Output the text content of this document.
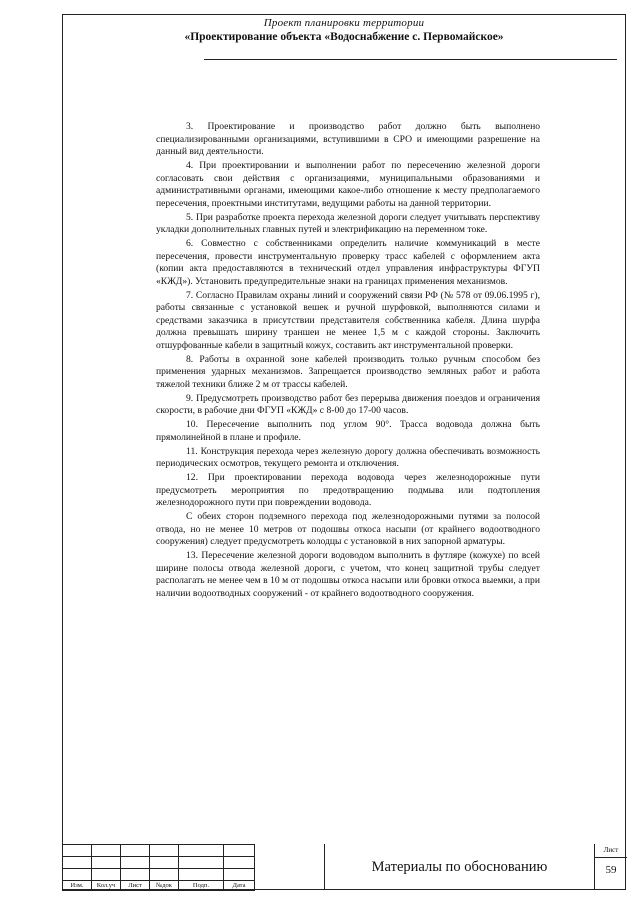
Проект планировки территории
«Проектирование объекта «Водоснабжение с. Первомайское»

3. Проектирование и производство работ должно быть выполнено специализированными организациями, вступившими в СРО и имеющими разрешение на данный вид деятельности.

4. При проектировании и выполнении работ по пересечению железной дороги согласовать свои действия с организациями, муниципальными образованиями и административными органами, имеющими какое-либо отношение к месту предполагаемого пересечения, проектными институтами, ведущими работы на данной территории.

5. При разработке проекта перехода железной дороги следует учитывать перспективу укладки дополнительных главных путей и электрификацию на переменном токе.

6. Совместно с собственниками определить наличие коммуникаций в месте пересечения, провести инструментальную проверку трасс кабелей с оформлением акта (копии акта предоставляются в технический отдел управления инфраструктуры ФГУП «КЖД»). Установить предупредительные знаки на границах применения механизмов.

7. Согласно Правилам охраны линий и сооружений связи РФ (№ 578 от 09.06.1995 г), работы связанные с установкой вешек и ручной шурфовкой, выполняются силами и средствами заказчика в присутствии представителя собственника кабеля. Длина шурфа должна превышать ширину траншеи не менее 1,5 м с каждой стороны. Заключить отшурфованные кабели в защитный кожух, составить акт инструментальной проверки.

8. Работы в охранной зоне кабелей производить только ручным способом без применения ударных механизмов. Запрещается производство земляных работ и работа тяжелой техники ближе 2 м от трассы кабелей.

9. Предусмотреть производство работ без перерыва движения поездов и ограничения скорости, в рабочие дни ФГУП «КЖД» с 8-00 до 17-00 часов.

10. Пересечение выполнить под углом 90°. Трасса водовода должна быть прямолинейной в плане и профиле.

11. Конструкция перехода через железную дорогу должна обеспечивать возможность периодических осмотров, текущего ремонта и отключения.

12. При проектировании перехода водовода через железнодорожные пути предусмотреть мероприятия по предотвращению подмыва или подтопления железнодорожного пути при повреждении водовода.

С обеих сторон подземного перехода под железнодорожными путями за полосой отвода, но не менее 10 метров от подошвы откоса насыпи (от крайнего водоотводного сооружения) следует предусмотреть колодцы с установкой в них запорной арматуры.

13. Пересечение железной дороги водоводом выполнить в футляре (кожухе) по всей ширине полосы отвода железной дороги, с учетом, что конец защитной трубы следует располагать не менее чем в 10 м от подошвы откоса насыпи или бровки откоса выемки, а при наличии водоотводных сооружений - от крайнего водоотводного сооружения.

Изм.	Кол.уч	Лист	№док	Подп.	Дата
Материалы по обоснованию
Лист
59
